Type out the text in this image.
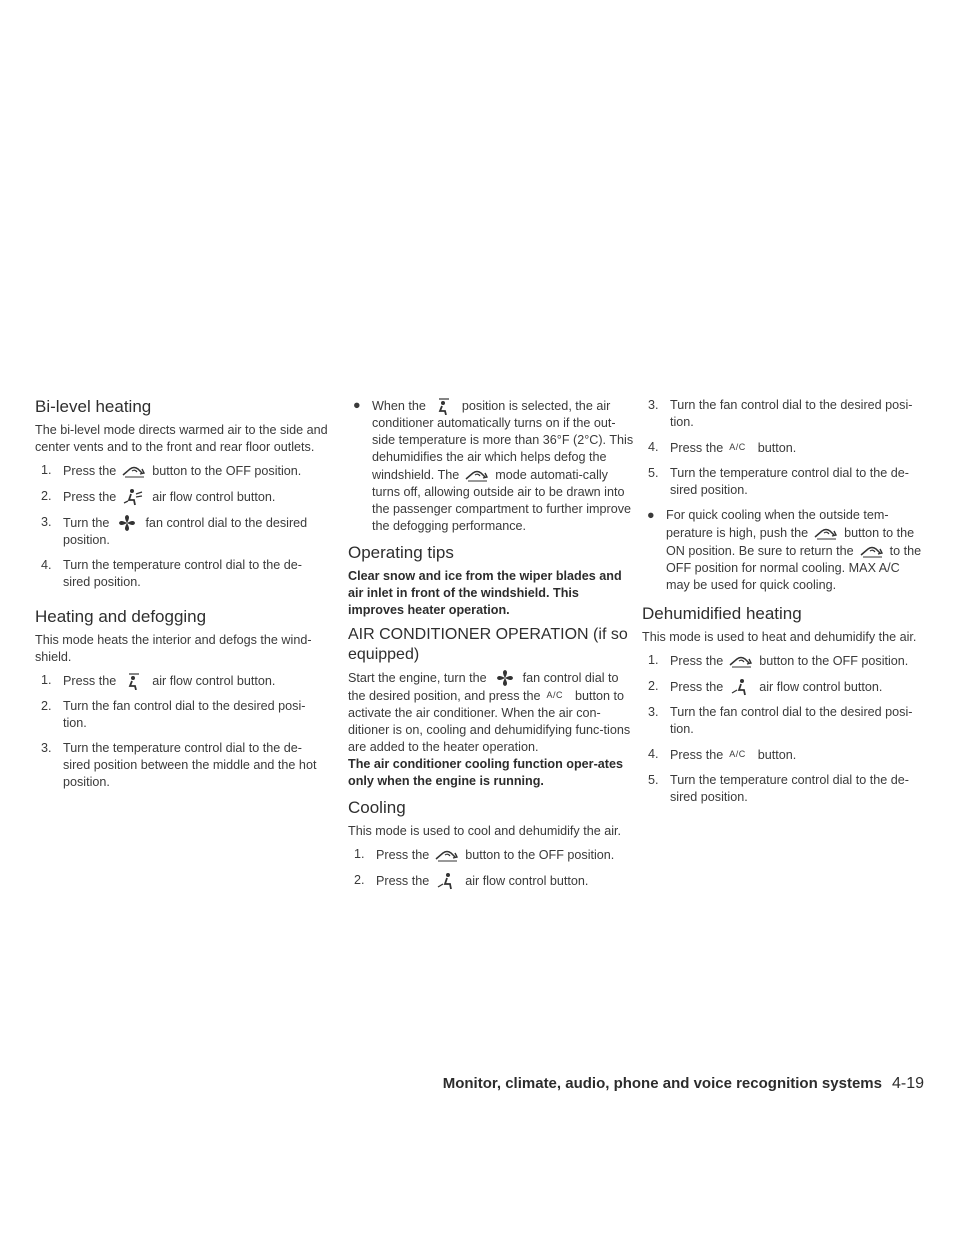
Bi-level heating

The bi-level mode directs warmed air to the side and center vents and to the front and rear floor outlets.

1. Press the	button to the OFF position.
2. Press the	air flow control button.
3. Turn the	fan control dial to the desired position.
4. Turn the temperature control dial to the de-sired position.
Heating and defogging

This mode heats the interior and defogs the wind-shield.

1. Press the	air flow control button.
2. Turn the fan control dial to the desired posi-tion.
3. Turn the temperature control dial to the de-sired position between the middle and the hot position.
● When the	position is selected, the air conditioner automatically turns on if the out-side temperature is more than 36°F (2°C). This dehumidifies the air which helps defog the windshield. The	mode automati-cally turns off, allowing outside air to be drawn into the passenger compartment to further improve the defogging performance.
Operating tips

Clear snow and ice from the wiper blades and air inlet in front of the windshield. This improves heater operation.

AIR CONDITIONER OPERATION (if so equipped)

Start the engine, turn the	fan control dial to the desired position, and press the A/C button to activate the air conditioner. When the air con-ditioner is on, cooling and dehumidifying func-tions are added to the heater operation.

The air conditioner cooling function oper-ates only when the engine is running.

Cooling

This mode is used to cool and dehumidify the air.

1. Press the	button to the OFF position.
2. Press the	air flow control button.
3. Turn the fan control dial to the desired posi-tion.
4. Press the A/C button.
5. Turn the temperature control dial to the de-sired position.
● For quick cooling when the outside tem-perature is high, push the	button to the ON position. Be sure to return the	to the OFF position for normal cooling. MAX A/C may be used for quick cooling.
Dehumidified heating

This mode is used to heat and dehumidify the air.

1. Press the	button to the OFF position.
2. Press the	air flow control button.
3. Turn the fan control dial to the desired posi-tion.
4. Press the A/C button.
5. Turn the temperature control dial to the de-sired position.
Monitor, climate, audio, phone and voice recognition systems 4-19
